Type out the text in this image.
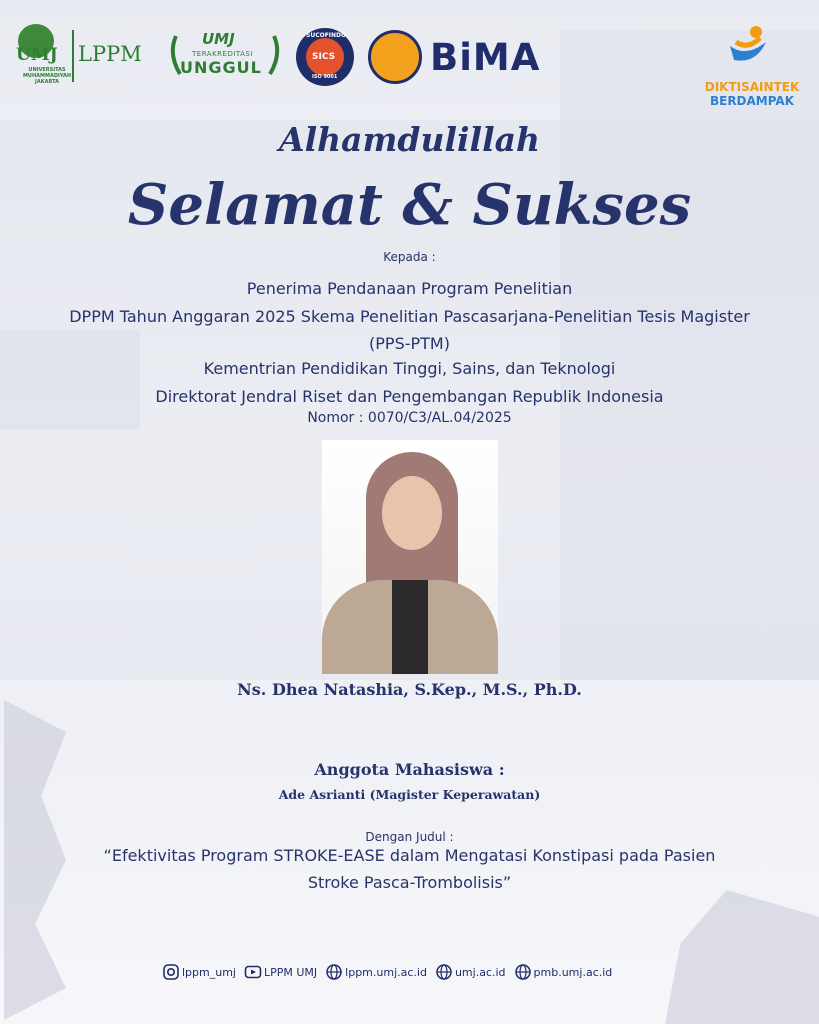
UMJ
UNIVERSITAS MUHAMMADIYAH JAKARTA
LPPM
UMJ
TERAKREDITASI
UNGGUL
SUCOFINDO
SICS
ISO 9001	BiMA
DIKTISAINTEK
BERDAMPAK
Alhamdulillah
Selamat & Sukses
Kepada :
Penerima Pendanaan Program Penelitian
DPPM Tahun Anggaran 2025 Skema Penelitian Pascasarjana-Penelitian Tesis Magister
(PPS-PTM)
Kementrian Pendidikan Tinggi, Sains, dan Teknologi
Direktorat Jendral Riset dan Pengembangan Republik Indonesia
Nomor : 0070/C3/AL.04/2025
Ns. Dhea Natashia, S.Kep., M.S., Ph.D.
Anggota Mahasiswa :
Ade Asrianti (Magister Keperawatan)
Dengan Judul :
“Efektivitas Program STROKE-EASE dalam Mengatasi Konstipasi pada Pasien
Stroke Pasca-Trombolisis”
lppm_umj	LPPM UMJ	lppm.umj.ac.id	umj.ac.id	pmb.umj.ac.id
